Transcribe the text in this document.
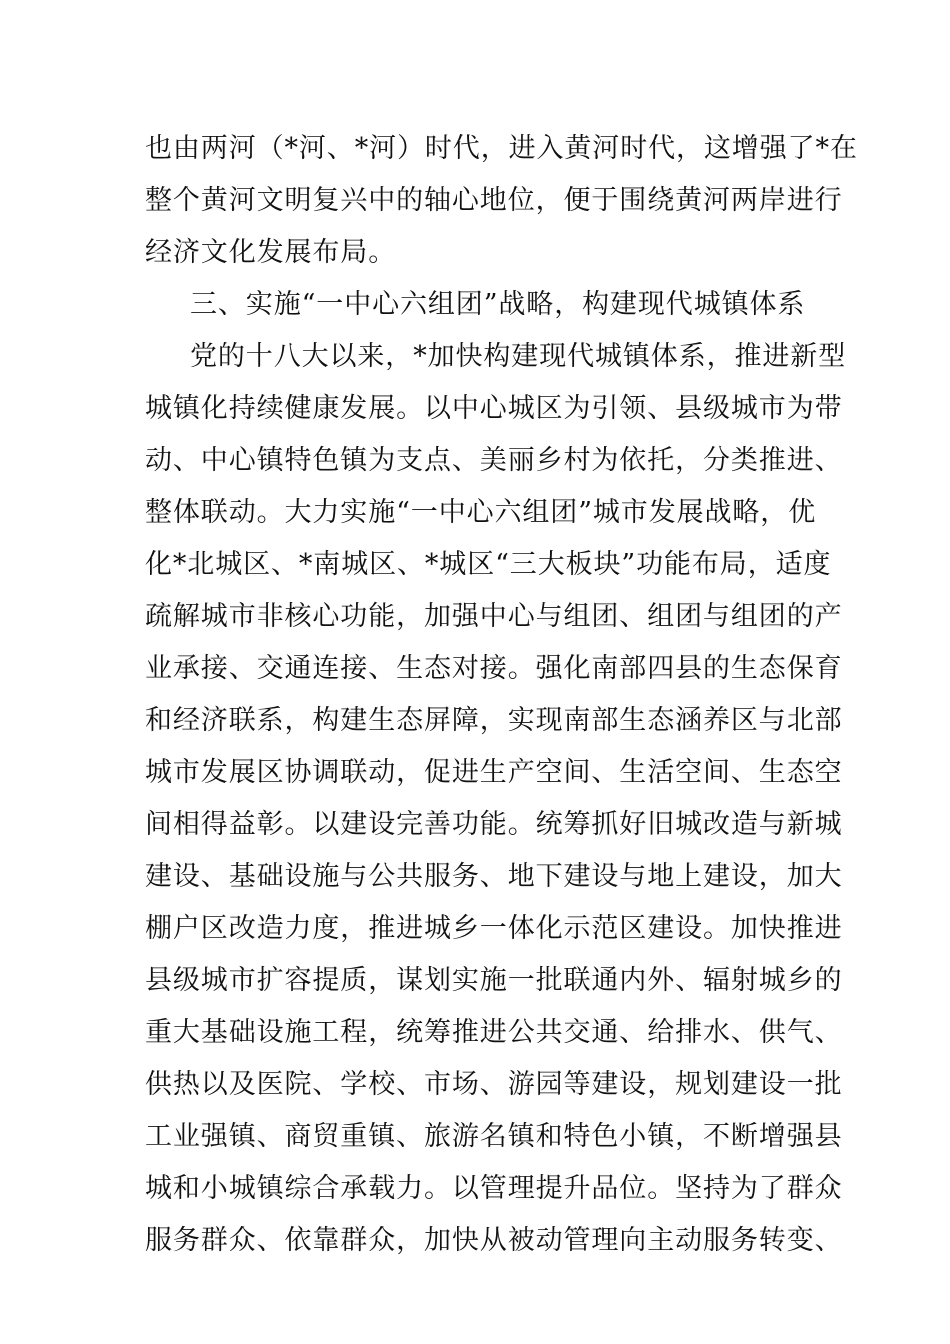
也由两河（*河、*河）时代，进入黄河时代，这增强了*在
整个黄河文明复兴中的轴心地位，便于围绕黄河两岸进行
经济文化发展布局。
三、实施“一中心六组团”战略，构建现代城镇体系
党的十八大以来，*加快构建现代城镇体系，推进新型
城镇化持续健康发展。以中心城区为引领、县级城市为带
动、中心镇特色镇为支点、美丽乡村为依托，分类推进、
整体联动。大力实施“一中心六组团”城市发展战略，优
化*北城区、*南城区、*城区“三大板块”功能布局，适度
疏解城市非核心功能，加强中心与组团、组团与组团的产
业承接、交通连接、生态对接。强化南部四县的生态保育
和经济联系，构建生态屏障，实现南部生态涵养区与北部
城市发展区协调联动，促进生产空间、生活空间、生态空
间相得益彰。以建设完善功能。统筹抓好旧城改造与新城
建设、基础设施与公共服务、地下建设与地上建设，加大
棚户区改造力度，推进城乡一体化示范区建设。加快推进
县级城市扩容提质，谋划实施一批联通内外、辐射城乡的
重大基础设施工程，统筹推进公共交通、给排水、供气、
供热以及医院、学校、市场、游园等建设，规划建设一批
工业强镇、商贸重镇、旅游名镇和特色小镇，不断增强县
城和小城镇综合承载力。以管理提升品位。坚持为了群众
服务群众、依靠群众，加快从被动管理向主动服务转变、
